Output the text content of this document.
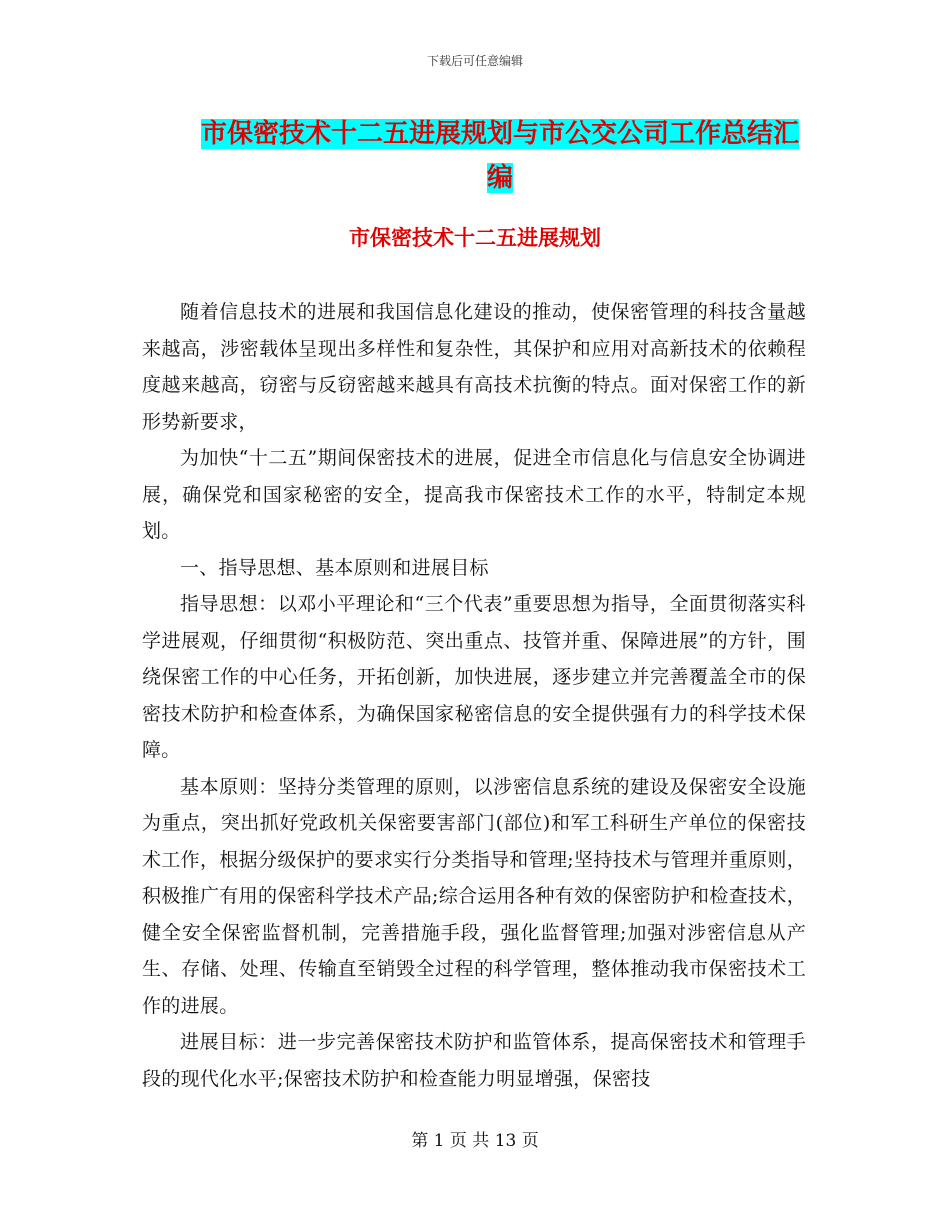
下载后可任意编辑
市保密技术十二五进展规划与市公交公司工作总结汇编
市保密技术十二五进展规划

随着信息技术的进展和我国信息化建设的推动，使保密管理的科技含量越来越高，涉密载体呈现出多样性和复杂性，其保护和应用对高新技术的依赖程度越来越高，窃密与反窃密越来越具有高技术抗衡的特点。面对保密工作的新形势新要求，

为加快“十二五”期间保密技术的进展，促进全市信息化与信息安全协调进展，确保党和国家秘密的安全，提高我市保密技术工作的水平，特制定本规划。

一、指导思想、基本原则和进展目标

指导思想：以邓小平理论和“三个代表”重要思想为指导，全面贯彻落实科学进展观，仔细贯彻“积极防范、突出重点、技管并重、保障进展”的方针，围绕保密工作的中心任务，开拓创新，加快进展，逐步建立并完善覆盖全市的保密技术防护和检查体系，为确保国家秘密信息的安全提供强有力的科学技术保障。

基本原则：坚持分类管理的原则，以涉密信息系统的建设及保密安全设施为重点，突出抓好党政机关保密要害部门(部位)和军工科研生产单位的保密技术工作，根据分级保护的要求实行分类指导和管理;坚持技术与管理并重原则，积极推广有用的保密科学技术产品;综合运用各种有效的保密防护和检查技术，健全安全保密监督机制，完善措施手段，强化监督管理;加强对涉密信息从产生、存储、处理、传输直至销毁全过程的科学管理，整体推动我市保密技术工作的进展。

进展目标：进一步完善保密技术防护和监管体系，提高保密技术和管理手段的现代化水平;保密技术防护和检查能力明显增强，保密技

第 1 页 共 13 页
